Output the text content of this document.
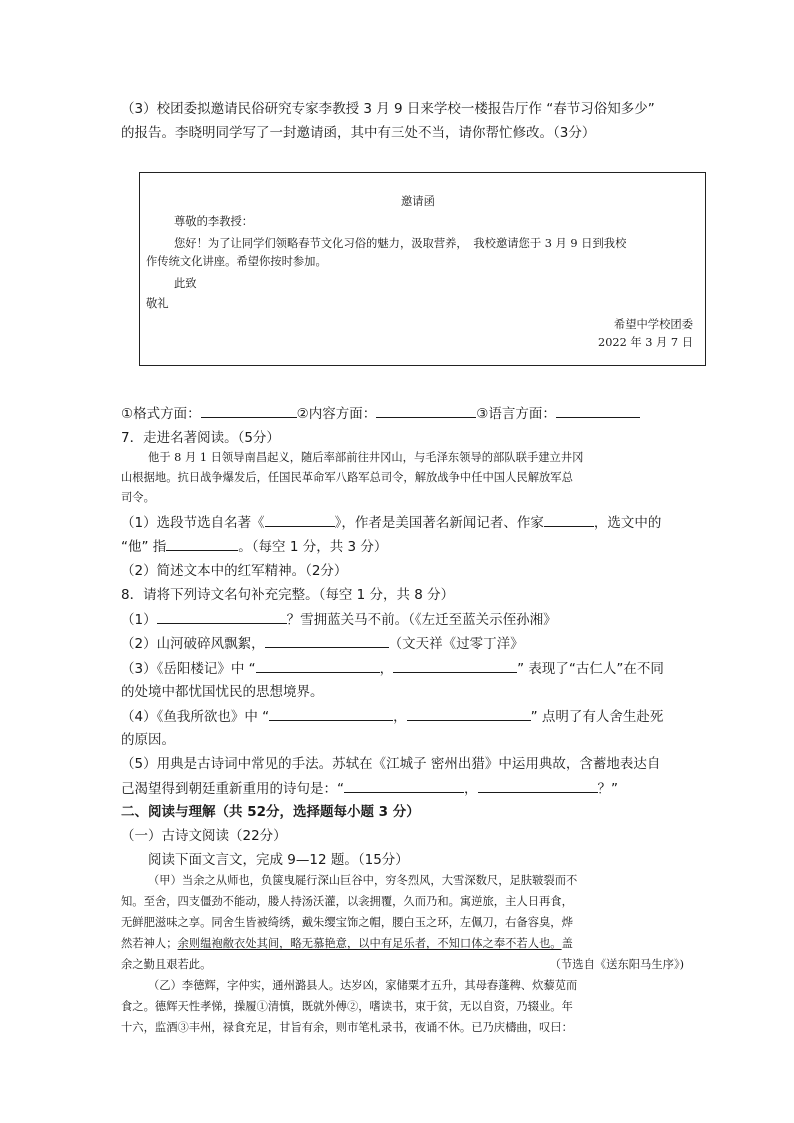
（3）校团委拟邀请民俗研究专家李教授 3 月 9 日来学校一楼报告厅作 “春节习俗知多少”
的报告。李晓明同学写了一封邀请函，其中有三处不当，请你帮忙修改。（3分）
邀请函
尊敬的李教授：
您好！为了让同学们领略春节文化习俗的魅力，汲取营养，　我校邀请您于 3 月 9 日到我校
作传统文化讲座。希望你按时参加。
此致
敬礼
希望中学校团委
2022 年 3 月 7 日
①格式方面：	②内容方面：	③语言方面：
7．走进名著阅读。（5分）
他于 8 月 1 日领导南昌起义，随后率部前往井冈山，与毛泽东领导的部队联手建立井冈
山根据地。抗日战争爆发后，任国民革命军八路军总司令，解放战争中任中国人民解放军总
司令。
（1）选段节选自名著《	》，作者是美国著名新闻记者、作家	，选文中的
“他” 指	。（每空 1 分，共 3 分）
（2）简述文本中的红军精神。（2分）
8．请将下列诗文名句补充完整。（每空 1 分，共 8 分）
（1）	？雪拥蓝关马不前。（《左迁至蓝关示侄孙湘》
（2）山河破碎风飘絮，	（文天祥《过零丁洋》
（3）《岳阳楼记》中 “	，	” 表现了“古仁人”在不同
的处境中都忧国忧民的思想境界。
（4）《鱼我所欲也》中 “	，	” 点明了有人舍生赴死
的原因。
（5）用典是古诗词中常见的手法。苏轼在《江城子 密州出猎》中运用典故，含蓄地表达自
己渴望得到朝廷重新重用的诗句是：“	，	？”
二、阅读与理解（共 52分，选择题每小题 3 分）
（一）古诗文阅读（22分）
阅读下面文言文，完成 9—12 题。（15分）
（甲）当余之从师也，负箧曳屣行深山巨谷中，穷冬烈风，大雪深数尺，足肤皲裂而不
知。至舍，四支僵劲不能动，媵人持汤沃灌，以衾拥覆，久而乃和。寓逆旅，主人日再食，
无鲜肥滋味之享。同舍生皆被绮绣，戴朱缨宝饰之帽，腰白玉之环，左佩刀，右备容臭，烨
然若神人；余则缊袍敝衣处其间，略无慕艳意，以中有足乐者，不知口体之奉不若人也。盖
余之勤且艰若此。	（节选自《送东阳马生序》)
（乙）李德辉，字仲实，通州潞县人。达岁凶，家储粟才五升，其母舂蓬稗、炊藜苋而
食之。德辉天性孝悌，操履①清慎，既就外傅②，嗜读书，束于贫，无以自资，乃辍业。年
十六，监酒③丰州，禄食充足，甘旨有余，则市笔札录书，夜诵不休。已乃庆檮曲，叹曰：
